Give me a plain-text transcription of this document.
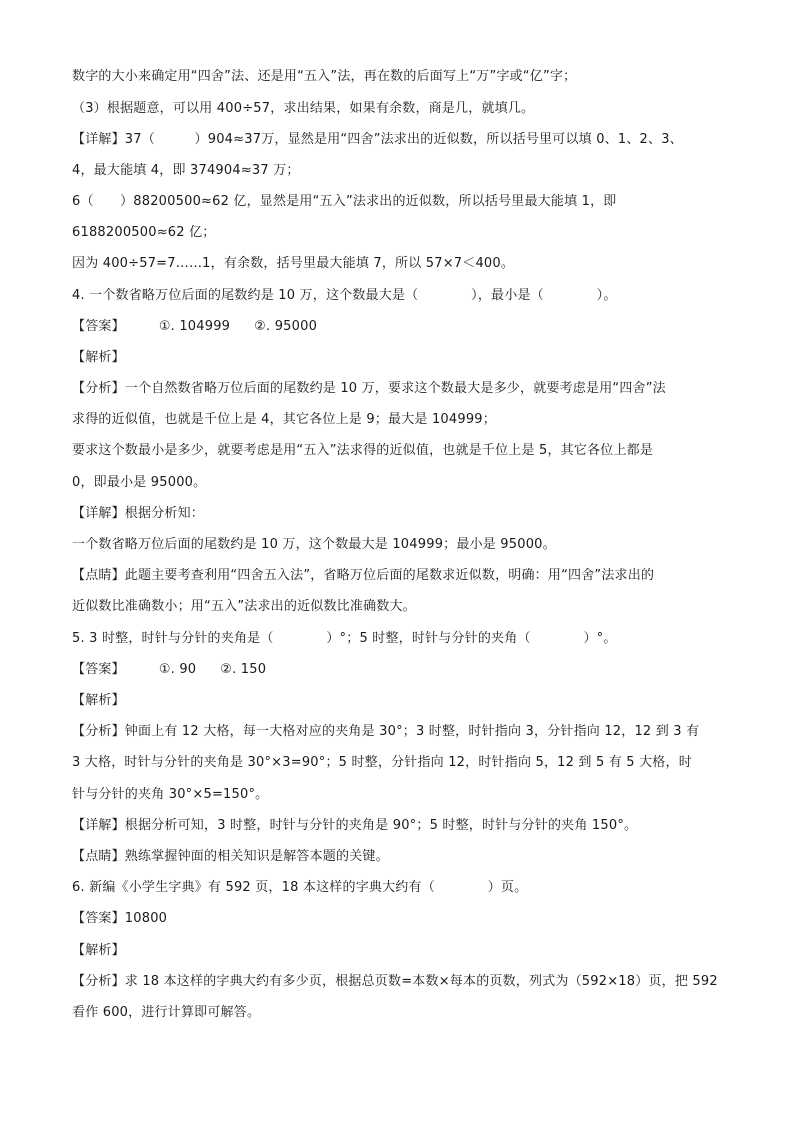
数字的大小来确定用“四舍”法、还是用“五入”法，再在数的后面写上“万”字或“亿”字；
（3）根据题意，可以用 400÷57，求出结果，如果有余数，商是几，就填几。
【详解】37（　　　）904≈37万，显然是用“四舍”法求出的近似数，所以括号里可以填 0、1、2、3、
4，最大能填 4，即 374904≈37 万；
6（　　）88200500≈62 亿，显然是用“五入”法求出的近似数，所以括号里最大能填 1，即
6188200500≈62 亿；
因为 400÷57=7……1，有余数，括号里最大能填 7，所以 57×7＜400。
4. 一个数省略万位后面的尾数约是 10 万，这个数最大是（　　　　），最小是（　　　　）。
【答案】	①. 104999 ②. 95000
【解析】
【分析】一个自然数省略万位后面的尾数约是 10 万，要求这个数最大是多少，就要考虑是用“四舍”法
求得的近似值，也就是千位上是 4，其它各位上是 9；最大是 104999；
要求这个数最小是多少，就要考虑是用“五入”法求得的近似值，也就是千位上是 5，其它各位上都是
0，即最小是 95000。
【详解】根据分析知：
一个数省略万位后面的尾数约是 10 万，这个数最大是 104999；最小是 95000。
【点睛】此题主要考查利用“四舍五入法”，省略万位后面的尾数求近似数，明确：用“四舍”法求出的
近似数比准确数小；用“五入”法求出的近似数比准确数大。
5. 3 时整，时针与分针的夹角是（　　　　）°；5 时整，时针与分针的夹角（　　　　）°。
【答案】	①. 90 ②. 150
【解析】
【分析】钟面上有 12 大格，每一大格对应的夹角是 30°；3 时整，时针指向 3，分针指向 12，12 到 3 有
3 大格，时针与分针的夹角是 30°×3=90°；5 时整，分针指向 12，时针指向 5，12 到 5 有 5 大格，时
针与分针的夹角 30°×5=150°。
【详解】根据分析可知，3 时整，时针与分针的夹角是 90°；5 时整，时针与分针的夹角 150°。
【点睛】熟练掌握钟面的相关知识是解答本题的关键。
6. 新编《小学生字典》有 592 页，18 本这样的字典大约有（　　　　）页。
【答案】10800
【解析】
【分析】求 18 本这样的字典大约有多少页，根据总页数=本数×每本的页数，列式为（592×18）页，把 592
看作 600，进行计算即可解答。
